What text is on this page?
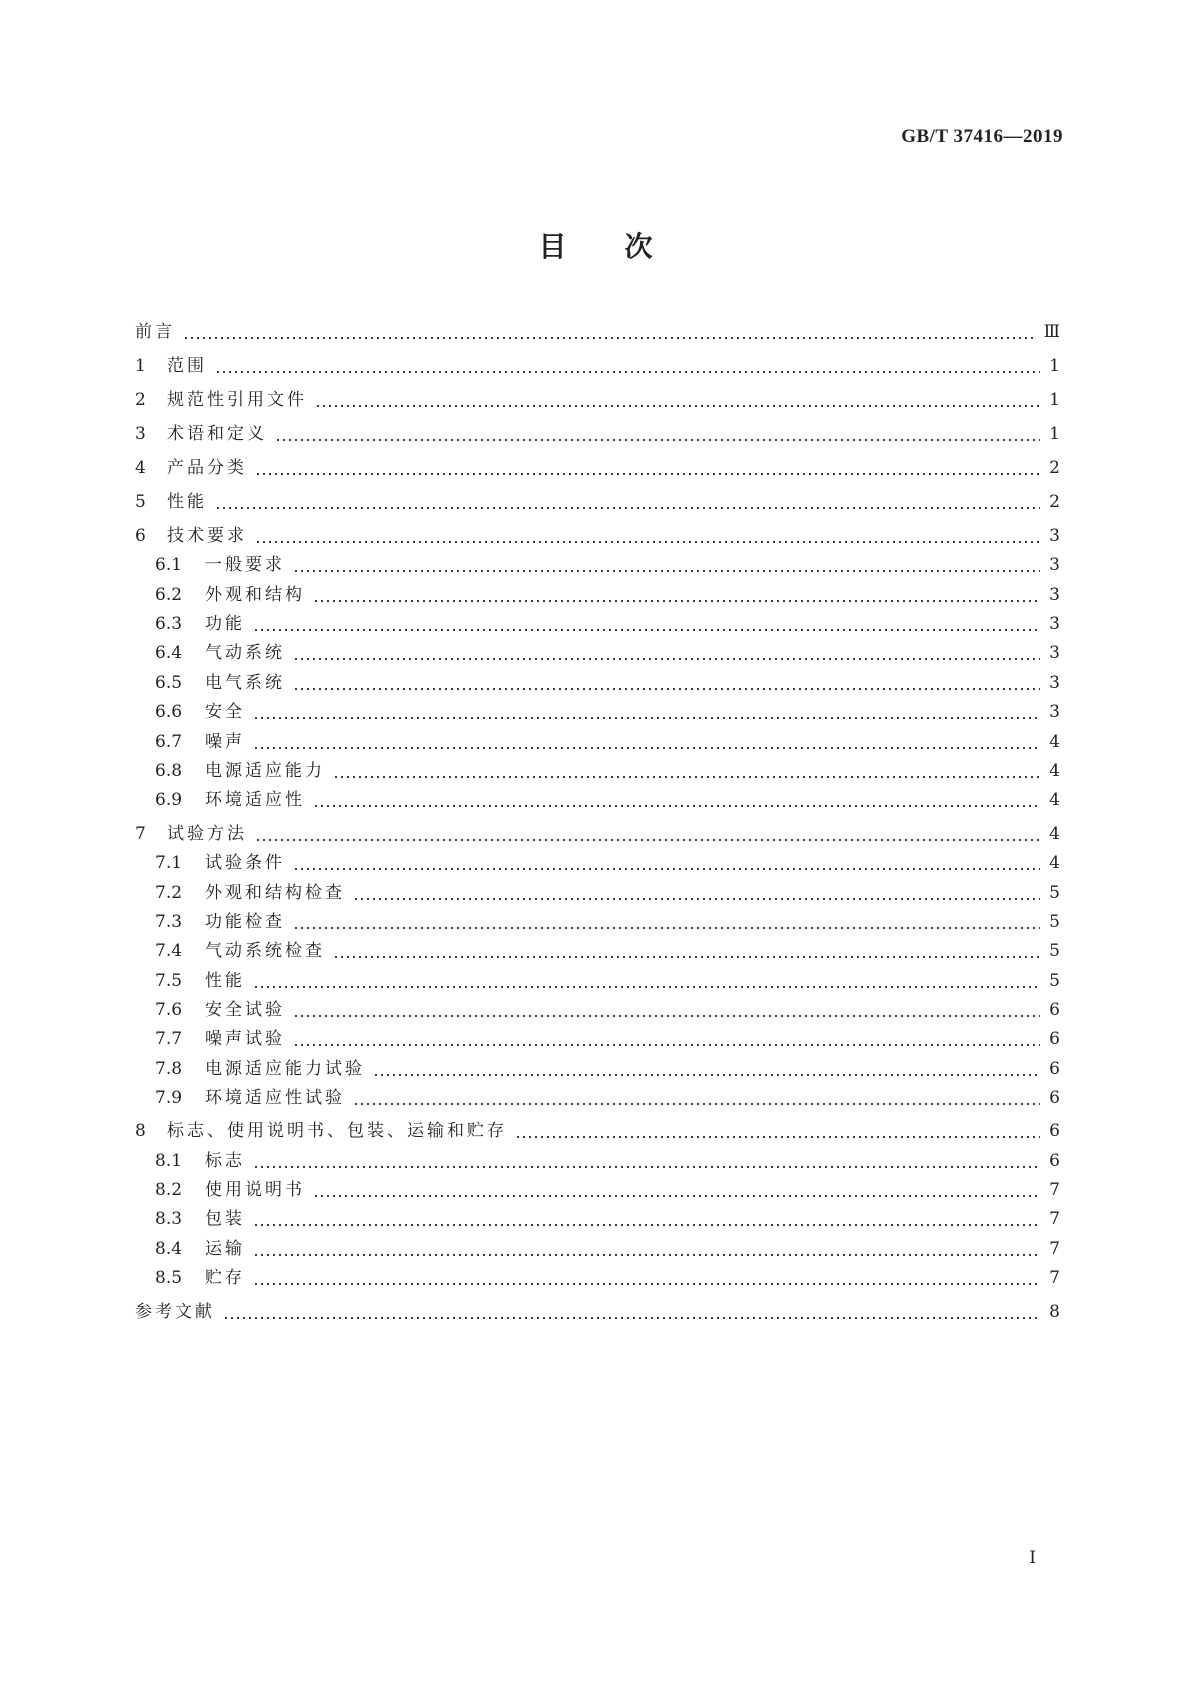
GB/T 37416—2019
目次
前言	Ⅲ
1	范围	1
2	规范性引用文件	1
3	术语和定义	1
4	产品分类	2
5	性能	2
6	技术要求	3
6.1	一般要求	3
6.2	外观和结构	3
6.3	功能	3
6.4	气动系统	3
6.5	电气系统	3
6.6	安全	3
6.7	噪声	4
6.8	电源适应能力	4
6.9	环境适应性	4
7	试验方法	4
7.1	试验条件	4
7.2	外观和结构检查	5
7.3	功能检查	5
7.4	气动系统检查	5
7.5	性能	5
7.6	安全试验	6
7.7	噪声试验	6
7.8	电源适应能力试验	6
7.9	环境适应性试验	6
8	标志、使用说明书、包装、运输和贮存	6
8.1	标志	6
8.2	使用说明书	7
8.3	包装	7
8.4	运输	7
8.5	贮存	7
参考文献	8
Ⅰ
